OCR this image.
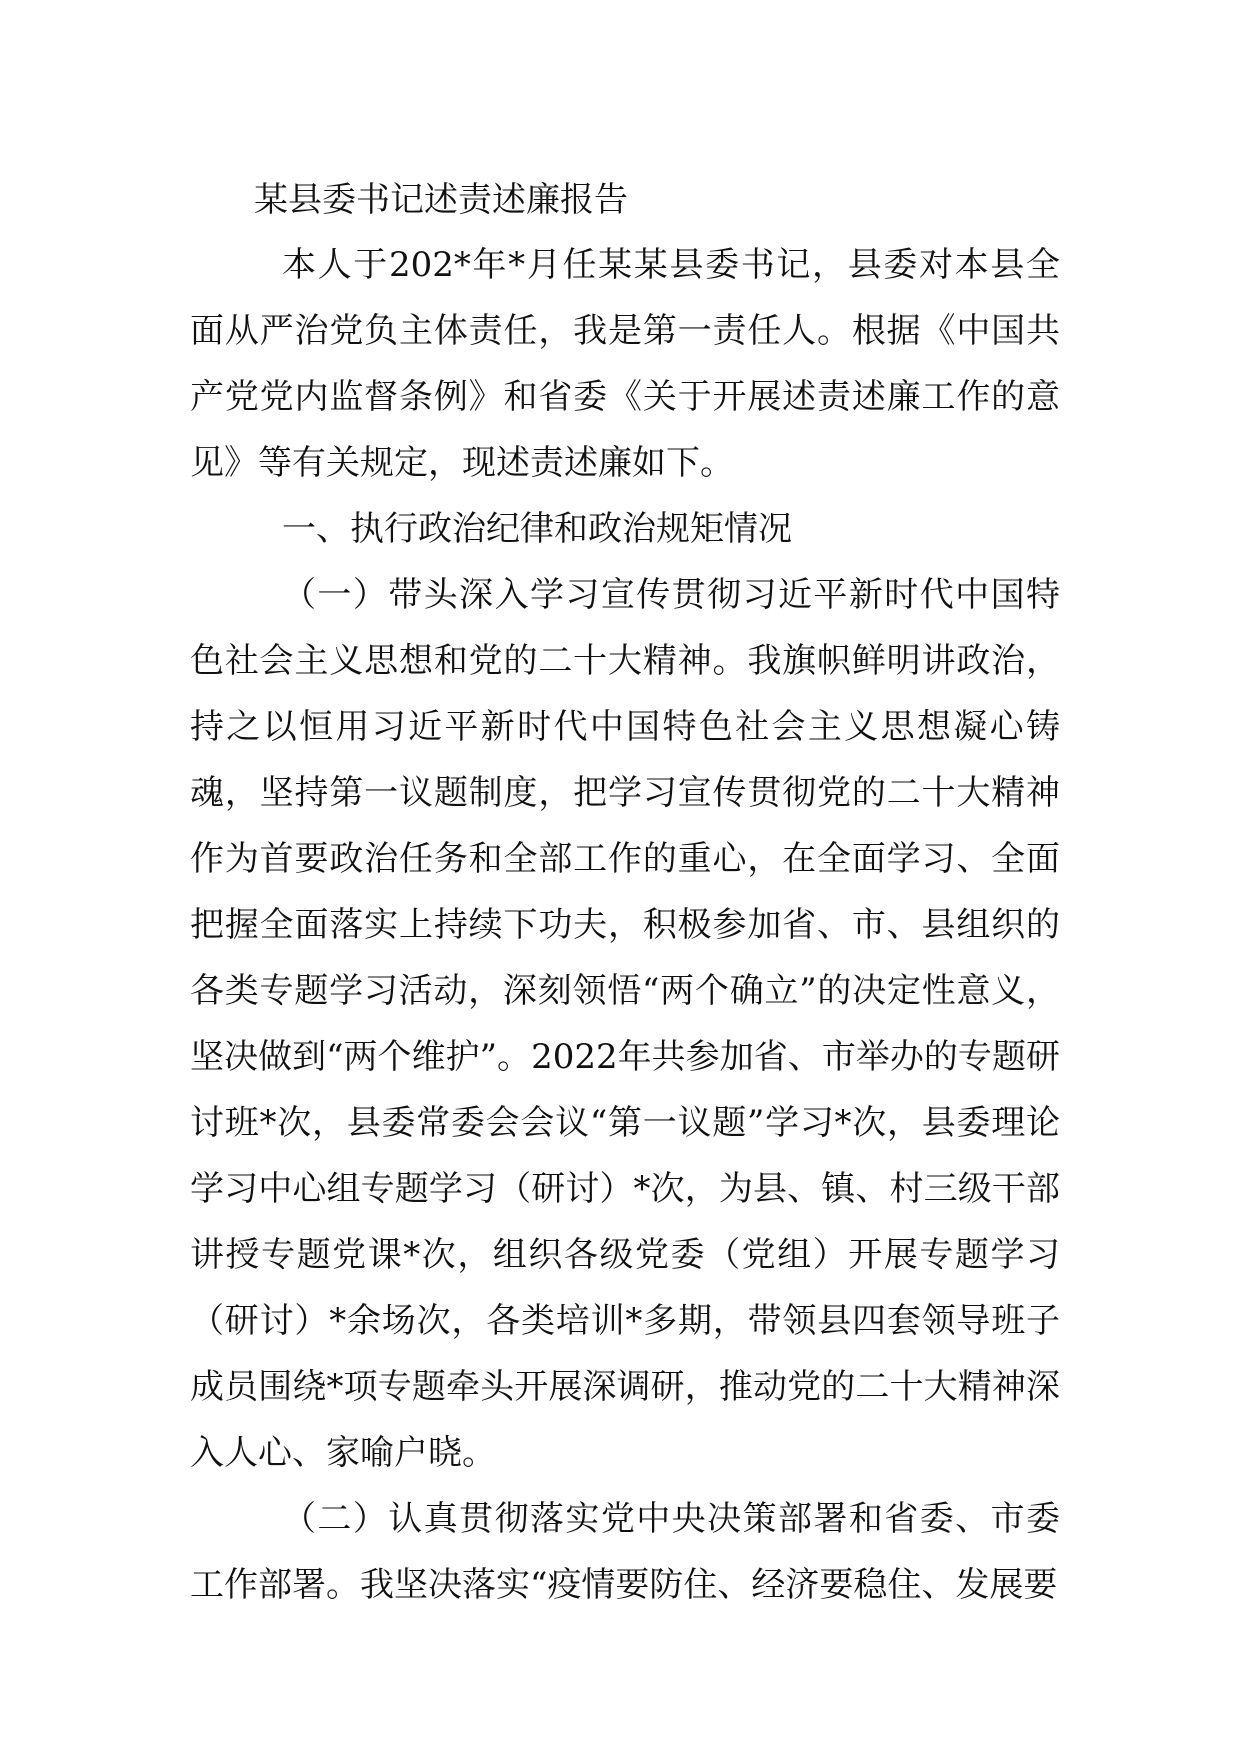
某县委书记述责述廉报告

本人于202*年*月任某某县委书记，县委对本县全面从严治党负主体责任，我是第一责任人。根据《中国共产党党内监督条例》和省委《关于开展述责述廉工作的意见》等有关规定，现述责述廉如下。

一、执行政治纪律和政治规矩情况

（一）带头深入学习宣传贯彻习近平新时代中国特色社会主义思想和党的二十大精神。我旗帜鲜明讲政治，持之以恒用习近平新时代中国特色社会主义思想凝心铸魂，坚持第一议题制度，把学习宣传贯彻党的二十大精神作为首要政治任务和全部工作的重心，在全面学习、全面把握全面落实上持续下功夫，积极参加省、市、县组织的各类专题学习活动，深刻领悟“两个确立”的决定性意义，坚决做到“两个维护”。2022年共参加省、市举办的专题研讨班*次，县委常委会会议“第一议题”学习*次，县委理论学习中心组专题学习（研讨）*次，为县、镇、村三级干部讲授专题党课*次，组织各级党委（党组）开展专题学习（研讨）*余场次，各类培训*多期，带领县四套领导班子成员围绕*项专题牵头开展深调研，推动党的二十大精神深入人心、家喻户晓。

（二）认真贯彻落实党中央决策部署和省委、市委工作部署。我坚决落实“疫情要防住、经济要稳住、发展要
